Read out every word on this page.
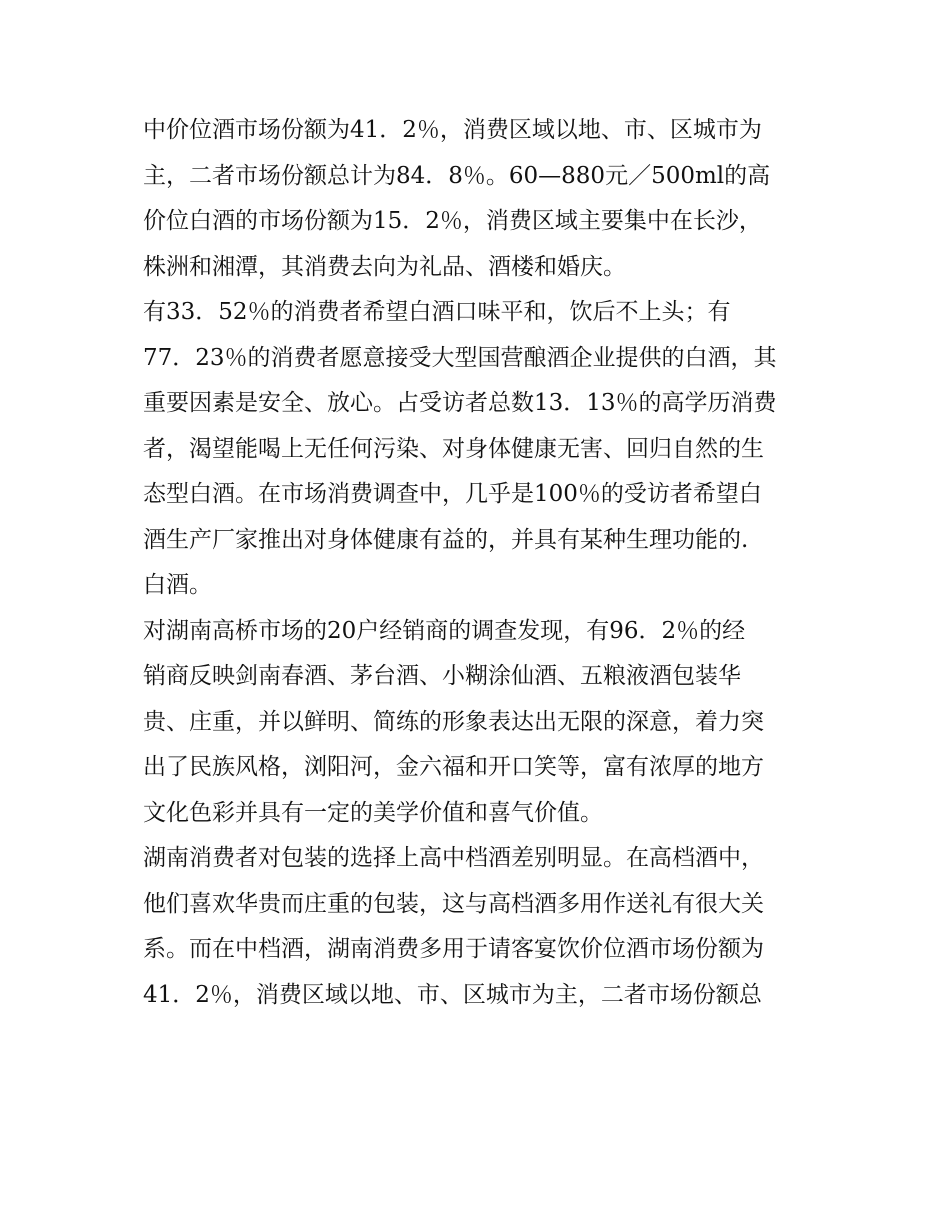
中价位酒市场份额为41．2％，消费区域以地、市、区城市为
主，二者市场份额总计为84．8％。60—880元／500ml的高
价位白酒的市场份额为15．2％，消费区域主要集中在长沙，
株洲和湘潭，其消费去向为礼品、酒楼和婚庆。
有33．52％的消费者希望白酒口味平和，饮后不上头；有
77．23％的消费者愿意接受大型国营酿酒企业提供的白酒，其
重要因素是安全、放心。占受访者总数13．13％的高学历消费
者，渴望能喝上无任何污染、对身体健康无害、回归自然的生
态型白酒。在市场消费调查中，几乎是100％的受访者希望白
酒生产厂家推出对身体健康有益的，并具有某种生理功能的.
白酒。
对湖南高桥市场的20户经销商的调查发现，有96．2％的经
销商反映剑南春酒、茅台酒、小糊涂仙酒、五粮液酒包装华
贵、庄重，并以鲜明、简练的形象表达出无限的深意，着力突
出了民族风格，浏阳河，金六福和开口笑等，富有浓厚的地方
文化色彩并具有一定的美学价值和喜气价值。
湖南消费者对包装的选择上高中档酒差别明显。在高档酒中，
他们喜欢华贵而庄重的包装，这与高档酒多用作送礼有很大关
系。而在中档酒，湖南消费多用于请客宴饮价位酒市场份额为
41．2％，消费区域以地、市、区城市为主，二者市场份额总
